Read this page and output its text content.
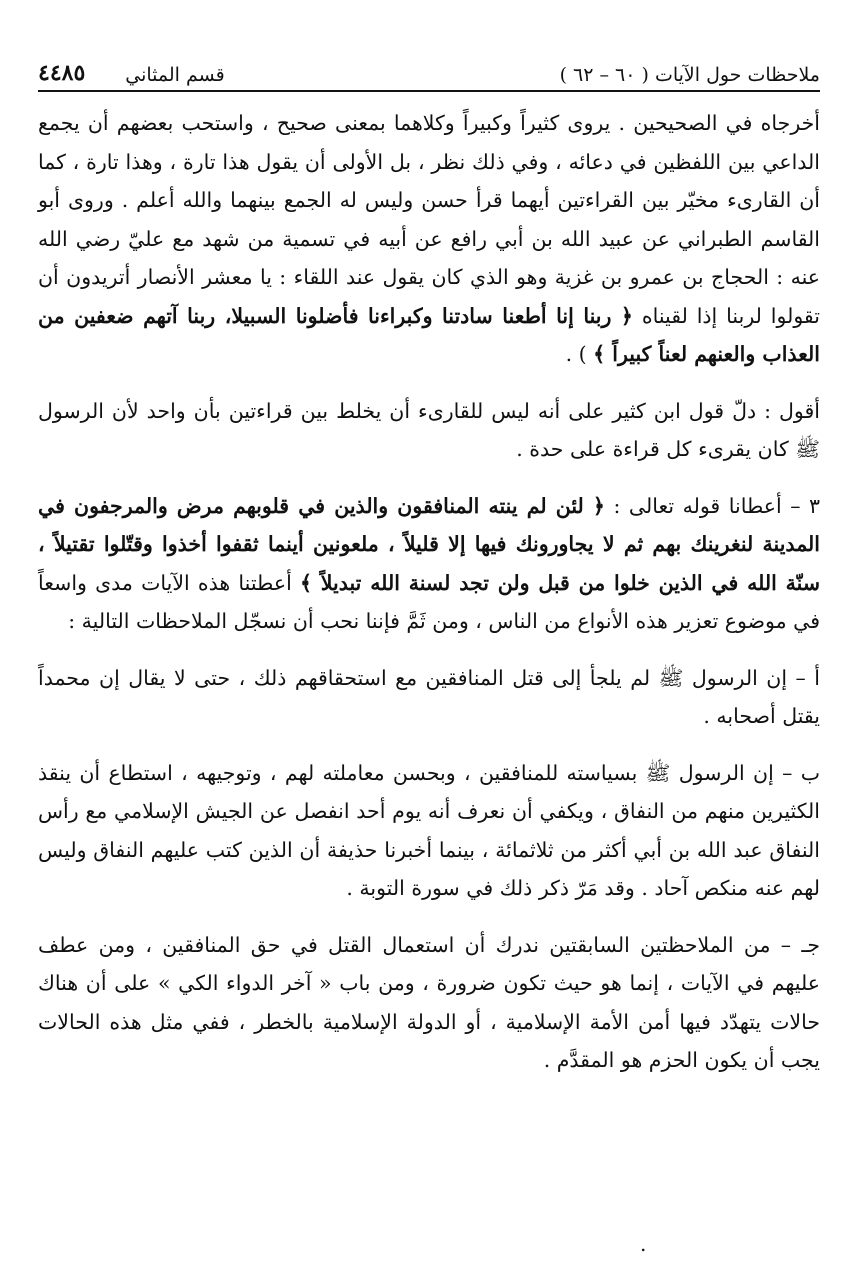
ملاحظات حول الآيات ( ٦٠ – ٦٢ )
قسم المثاني
٤٤٨٥

أخرجاه في الصحيحين . يروى كثيراً وكبيراً وكلاهما بمعنى صحيح ، واستحب بعضهم أن يجمع الداعي بين اللفظين في دعائه ، وفي ذلك نظر ، بل الأولى أن يقول هذا تارة ، وهذا تارة ، كما أن القارىء مخيّر بين القراءتين أيهما قرأ حسن وليس له الجمع بينهما والله أعلم . وروى أبو القاسم الطبراني عن عبيد الله بن أبي رافع عن أبيه في تسمية من شهد مع عليّ رضي الله عنه : الحجاج بن عمرو بن غزية وهو الذي كان يقول عند اللقاء : يا معشر الأنصار أتريدون أن تقولوا لربنا إذا لقيناه ﴿ ربنا إنا أطعنا سادتنا وكبراءنا فأضلونا السبيلا، ربنا آتهم ضعفين من العذاب والعنهم لعناً كبيراً ﴾ ) .

أقول : دلّ قول ابن كثير على أنه ليس للقارىء أن يخلط بين قراءتين بأن واحد لأن الرسول ﷺ كان يقرىء كل قراءة على حدة .

٣ – أعطانا قوله تعالى : ﴿ لئن لم ينته المنافقون والذين في قلوبهم مرض والمرجفون في المدينة لنغرينك بهم ثم لا يجاورونك فيها إلا قليلاً ، ملعونين أينما ثقفوا أخذوا وقتّلوا تقتيلاً ، سنّة الله في الذين خلوا من قبل ولن تجد لسنة الله تبديلاً ﴾ أعطتنا هذه الآيات مدى واسعاً في موضوع تعزير هذه الأنواع من الناس ، ومن ثَمَّ فإننا نحب أن نسجّل الملاحظات التالية :

أ – إن الرسول ﷺ لم يلجأ إلى قتل المنافقين مع استحقاقهم ذلك ، حتى لا يقال إن محمداً يقتل أصحابه .

ب – إن الرسول ﷺ بسياسته للمنافقين ، وبحسن معاملته لهم ، وتوجيهه ، استطاع أن ينقذ الكثيرين منهم من النفاق ، ويكفي أن نعرف أنه يوم أحد انفصل عن الجيش الإسلامي مع رأس النفاق عبد الله بن أبي أكثر من ثلاثمائة ، بينما أخبرنا حذيفة أن الذين كتب عليهم النفاق وليس لهم عنه منكص آحاد . وقد مَرّ ذكر ذلك في سورة التوبة .

جـ – من الملاحظتين السابقتين ندرك أن استعمال القتل في حق المنافقين ، ومن عطف عليهم في الآيات ، إنما هو حيث تكون ضرورة ، ومن باب « آخر الدواء الكي » على أن هناك حالات يتهدّد فيها أمن الأمة الإسلامية ، أو الدولة الإسلامية بالخطر ، ففي مثل هذه الحالات يجب أن يكون الحزم هو المقدَّم .

.
